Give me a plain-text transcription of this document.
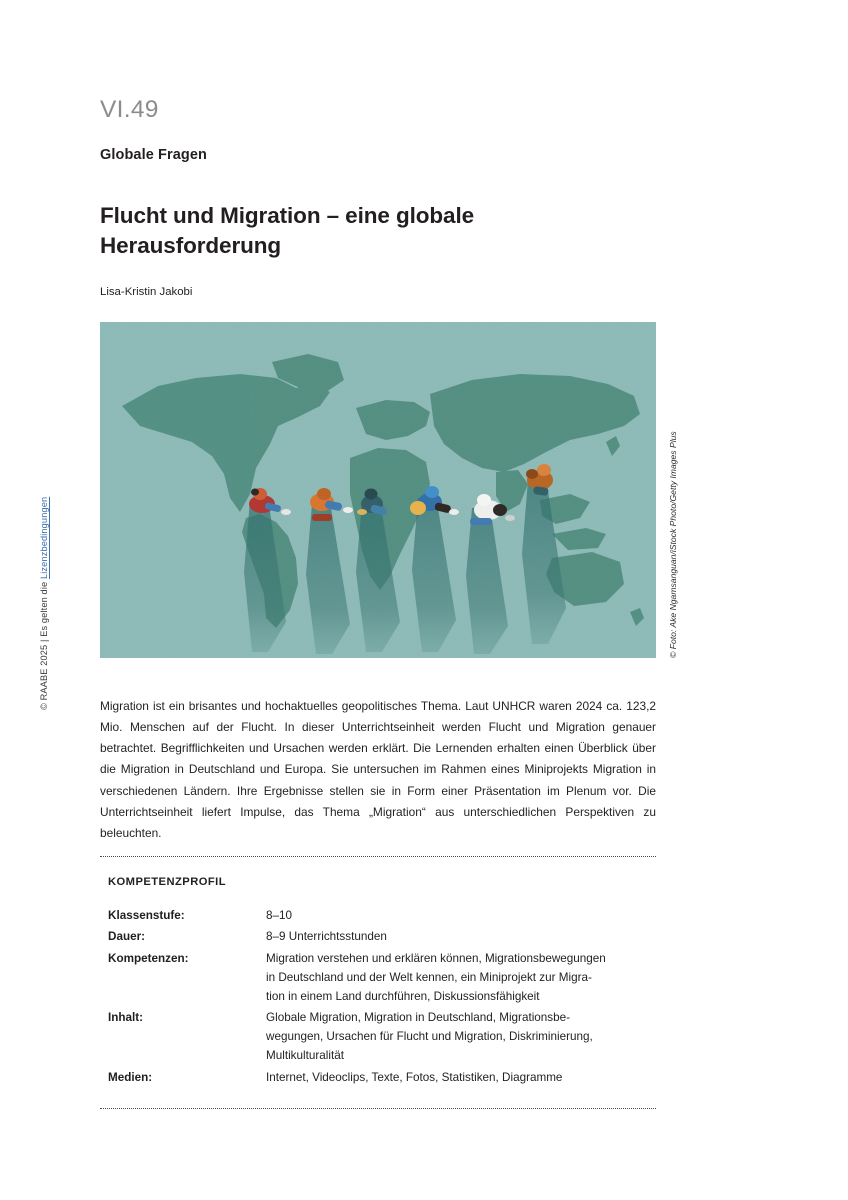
© RAABE 2025 | Es gelten die Lizenzbedingungen
VI.49
Globale Fragen
Flucht und Migration – eine globale Herausforderung
Lisa-Kristin Jakobi
© Foto: Ake Ngamsanguan/iStock Photo/Getty Images Plus

Migration ist ein brisantes und hochaktuelles geopolitisches Thema. Laut UNHCR waren 2024 ca. 123,2 Mio. Menschen auf der Flucht. In dieser Unterrichtseinheit werden Flucht und Migration genauer betrachtet. Begrifflichkeiten und Ursachen werden erklärt. Die Lernenden erhalten einen Überblick über die Migration in Deutschland und Europa. Sie untersuchen im Rahmen eines Miniprojekts Migration in verschiedenen Ländern. Ihre Ergebnisse stellen sie in Form einer Präsentation im Plenum vor. Die Unterrichtseinheit liefert Impulse, das Thema „Migration“ aus unterschiedlichen Perspektiven zu beleuchten.

KOMPETENZPROFIL
Klassenstufe:	8–10

Dauer:	8–9 Unterrichtsstunden

Kompetenzen:	Migration verstehen und erklären können, Migrationsbewegungen
in Deutschland und der Welt kennen, ein Miniprojekt zur Migra-
tion in einem Land durchführen, Diskussionsfähigkeit

Inhalt:	Globale Migration, Migration in Deutschland, Migrationsbe-
wegungen, Ursachen für Flucht und Migration, Diskriminierung,
Multikulturalität

Medien:	Internet, Videoclips, Texte, Fotos, Statistiken, Diagramme
